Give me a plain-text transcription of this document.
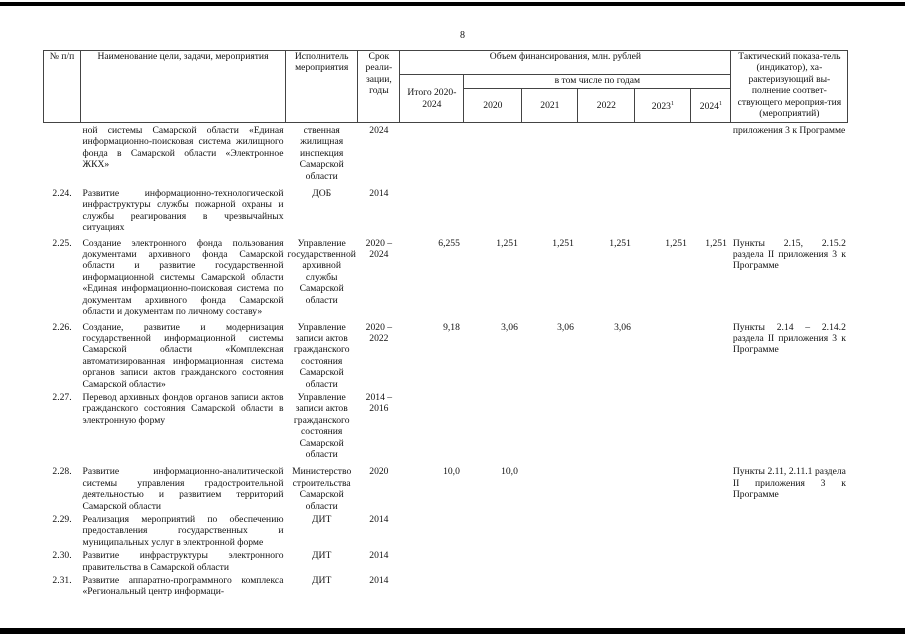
8
№ п/п	Наименование цели, задачи, мероприятия	Исполнитель мероприятия	Срок реали-зации, годы	Объем финансирования, млн. рублей						Тактический показа-тель (индикатор), ха-рактеризующий вы-полнение соответ-ствующего мероприя-тия (мероприятий)
				Итого 2020-2024	в том числе по годам					
					2020	2021	2022	2023$^1$	2024$^1$
	ной системы Самарской области «Единая информационно-поисковая система жилищного фонда в Самарской области «Электронное ЖКХ»	ственная жилищная инспекция Самарской области	2024							приложения 3 к Программе
2.24.	Развитие информационно-технологической инфраструктуры службы пожарной охраны и службы реагирования в чрезвычайных ситуациях	ДОБ	2014							
2.25.	Создание электронного фонда пользования документами архивного фонда Самарской области и развитие государственной информационной системы Самарской области «Единая информационно-поисковая система по документам архивного фонда Самарской области и документам по личному составу»	Управление государственной архивной службы Самарской области	2020 – 2024	6,255	1,251	1,251	1,251	1,251	1,251	Пункты 2.15, 2.15.2 раздела II приложения 3 к Программе
2.26.	Создание, развитие и модернизация государственной информационной системы Самарской области «Комплексная автоматизированная информационная система органов записи актов гражданского состояния Самарской области»	Управление записи актов гражданского состояния Самарской области	2020 – 2022	9,18	3,06	3,06	3,06			Пункты 2.14 – 2.14.2 раздела II приложения 3 к Программе
2.27.	Перевод архивных фондов органов записи актов гражданского состояния Самарской области в электронную форму	Управление записи актов гражданского состояния Самарской области	2014 – 2016							
2.28.	Развитие информационно-аналитической системы управления градостроительной деятельностью и развитием территорий Самарской области	Министерство строительства Самарской области	2020	10,0	10,0					Пункты 2.11, 2.11.1 раздела II приложения 3 к Программе
2.29.	Реализация мероприятий по обеспечению предоставления государственных и муниципальных услуг в электронной форме	ДИТ	2014							
2.30.	Развитие инфраструктуры электронного правительства в Самарской области	ДИТ	2014							
2.31.	Развитие аппаратно-программного комплекса «Региональный центр информаци-	ДИТ	2014							
